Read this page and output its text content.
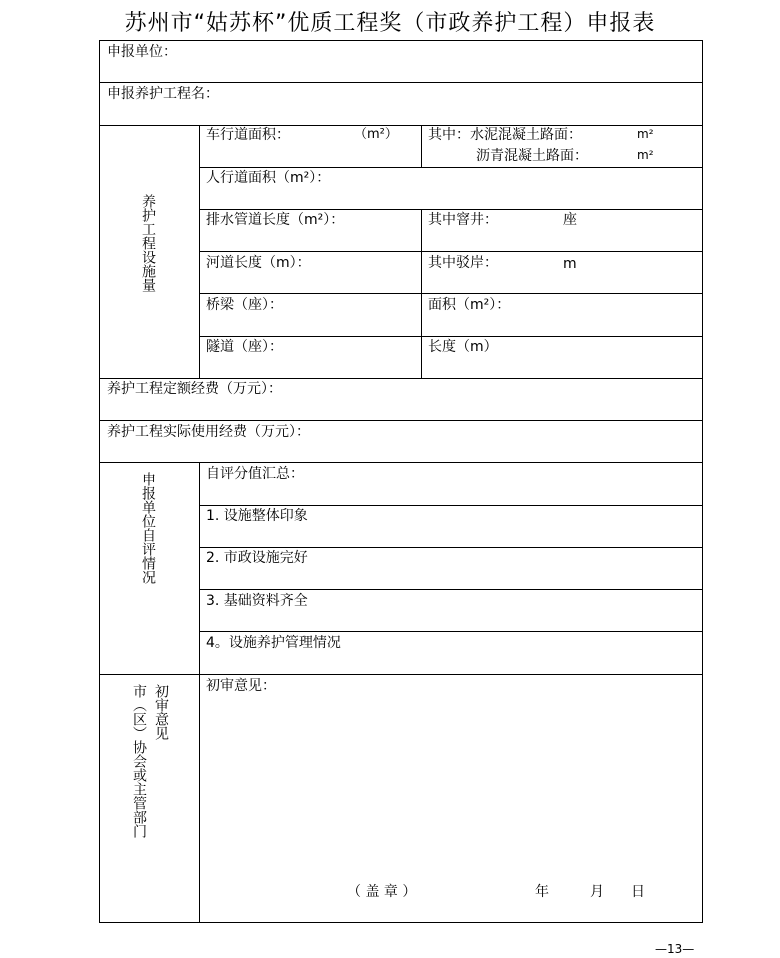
苏州市“姑苏杯”优质工程奖（市政养护工程）申报表
申报单位：
申报养护工程名：
养护工程设施量
车行道面积：	（m²） 其中：水泥混凝土路面：	m²
沥青混凝土路面：	m²
人行道面积（m²）：
排水管道长度（m²）：	其中窨井：	座
河道长度（m）：	其中驳岸：	m
桥梁（座）：	面积（m²）：
隧道（座）：	长度（m）
养护工程定额经费（万元）：
养护工程实际使用经费（万元）：
申报单位自评情况	自评分值汇总：
1. 设施整体印象
2. 市政设施完好
3. 基础资料齐全
4。设施养护管理情况
初审意见
市（区）协会或主管部门	初审意见：
（ 盖 章 ）	年	月 日
—13—
